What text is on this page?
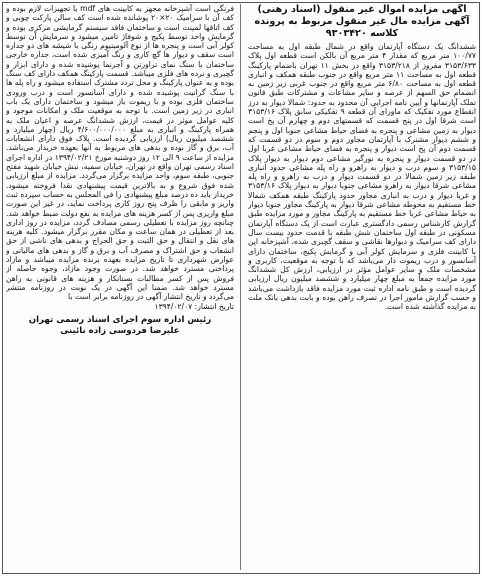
آگهی مزایده اموال غیر منقول (اسناد رهنی)
آگهی مزایده مال غیر منقول مربوط به پرونده
کلاسه ۹۳۰۳۴۲۰

ششدانگ یک دستگاه آپارتمان واقع در شمال طبقه اول به مساحت ۱۰۰/۷۷ متر مربع که مقدار ۴ متر مربع آن بالکن است قطعه اول پلاک ۳۱۵۳/۶۳۳ مفروز از ۳۱۵۳/۲۱۸ واقع در بخش ۱۱ تهران باضمام پارکینگ قطعه اول به مساحت ۱۱ متر مربع واقع در جنوب طبقه همکف و انباری قطعه اول به مساحت ۶/۸۰ متر مربع واقع در جنوب غربی زیر زمین به انضمام حق السهم از عرصه و سایر مشاعات و مشترکات طبق قانون تملک آپارتمانها و آیین نامه اجرایی آن محدود به حدود: شمالا دیوار به درز انقطاع مورد تفکیک که ماورای آن قطعه ۹ تفکیکی سابق پلاک ۳۱۵۳/۱۶ است شرقا اول در پنج قسمت که قسمتهای دوم و چهارم آن پخ است دیوار به زمین مشاعی و پنجره به فضای حیاط مشاعی جنوبا اول و پنجم و ششم دیوار مشترک با آپارتمان مجاور دوم و سوم در دو قسمت که قسمت دوم آن پخ است دیوار و پنجره به فضای حیاط مشاعی غربا اول در دو قسمت دیوار و پنجره به نورگیر مشاعی دوم دیوار به دیوار پلاک ۳۱۵۳/۱۵ و سوم درب و دیوار به راهرو و راه پله مشاعی حدود انباری طبقه زیر زمین شمالا در دو قسمت دیوار و درب به راهرو و راه پله مشاعی شرقا دیوار به راهرو مشاعی جنوبا دیوار به دیوار پلاک ۳۱۵۳/۱۶ و غربا دیوار و درب به انباری مجاور حدود پارکینگ طبقه همکف شمالا خط مستقیم به محوطه مشاعی شرقا دیوار به پارکینگ مجاور جنوبا دیوار به حیاط مشاعی غربا خط مستقیم به پارکینگ مجاور و مورد مزایده طبق گزارش کارشناس رسمی دادگستری عبارت است از یک دستگاه آپارتمان مسکونی در طبقه اول ساختمان شش طبقه با قدمت حدود بیست سال دارای کف سرامیک و دیوارها نقاشی و سقف گچبری شده، آشپزخانه اپن با کابینت فلزی و سرمایش کولر آبی و گرمایش پکیج، ساختمان دارای آسانسور و درب ریموت دار می‌باشد که با توجه به موقعیت، کاربری و مشخصات ملک و سایر عوامل مؤثر در ارزیابی، ارزش کل ششدانگ مورد مزایده جمعاً به مبلغ چهار میلیارد و ششصد میلیون ریال ارزیابی گردیده است و طبق نامه اداره ثبت مورد مزایده فاقد بازداشت می‌باشد و حسب گزارش مامور اجرا در تصرف راهن بوده و بابت بدهی بانک ملت به مزایده گذاشته شده است.

فرنگی است آشپزخانه مجهز به کابینت های mdf با تجهیزات لازم بوده و کف آن با سرامیک ۲۰×۲۰ پوشانده شده است کف سالن پارکت چوبی و کف اتاقها لمینت است و ساختمان فاقد سیستم گرمایشی مرکزی بوده و گرمایش واحد توسط پکیج و شوفاژ تامین میشود و سرمایش آن توسط کولر آبی است و پنجره ها از نوع آلومینیوم رنگی با شیشه های دو جداره است سقف و دیوار ها گچ کاری و رنگ آمیزی شده است، جداره خارجی ساختمان با سنگ نمای تراورتن و آجرنما پوشیده شده و دارای ابزار و گچبری و نرده های فلزی میباشد. قسمت پارکینگ همکف دارای کف سنگ بوده و به عنوان پارکینگ و محل تردد مشترک استفاده میشود و راه پله ها با سنگ گرانیت پوشیده شده و دارای آسانسور است و درب ورودی ساختمان فلزی بوده و با ریموت باز میشود و ساختمان دارای یک باب انباری در زیر زمین است. با توجه به موقعیت ملک و امکانات موجود و کلیه عوامل موثر در قیمت، ارزش ششدانگ عرصه و اعیان ملک به همراه پارکینگ و انباری به مبلغ ۴/۶۰۰/۰۰۰/۰۰۰ ریال (چهار میلیارد و ششصد میلیون ریال) ارزیابی گردیده است. پلاک فوق دارای انشعابات آب، برق و گاز بوده و بدهی های مربوط به آنها بعهده خریدار می‌باشد. مزایده از ساعت ۹ الی ۱۲ روز دوشنبه مورخ ۱۳۹۴/۰۲/۲۱ در اداره اجرای اسناد رسمی تهران واقع در تهران، خیابان سمیه، نبش خیابان شهید مفتح جنوبی، طبقه سوم، واحد مزایده برگزار می‌گردد. مزایده از مبلغ ارزیابی شده فوق شروع و به بالاترین قیمت پیشنهادی نقدا فروخته میشود. خریدار باید ده درصد مبلغ پیشنهادی را فی المجلس به حساب سپرده ثبت واریز و مابقی را ظرف پنج روز کاری پرداخت نماید، در غیر این صورت مبلغ واریزی پس از کسر هزینه های مزایده به نفع دولت ضبط خواهد شد. چنانچه روز مزایده با تعطیلی رسمی مصادف گردد، مزایده در روز اداری بعد از تعطیلی در همان ساعت و مکان مقرر برگزار میشود. کلیه هزینه های نقل و انتقال و حق الثبت و حق الحراج و بدهی های ناشی از حق انشعاب و حق اشتراک و مصرف آب و برق و گاز و بدهی های مالیاتی و عوارض شهرداری تا تاریخ مزایده بعهده برنده مزایده میباشد و مازاد پرداختی مسترد خواهد شد. در صورت وجود مازاد، وجوه حاصله از فروش پس از کسر مطالبات بستانکار و هزینه های قانونی به راهن مسترد خواهد شد. ضمنا این آگهی در یک نوبت در روزنامه منتشر می‌گردد و تاریخ انتشار آگهی در روزنامه برابر است با

تاریخ انتشار: ۱۳۹۴/۰۲/۰۷

رئیس اداره سوم اجرای اسناد رسمی تهران
علیرضا فردوسی زاده نائینی
